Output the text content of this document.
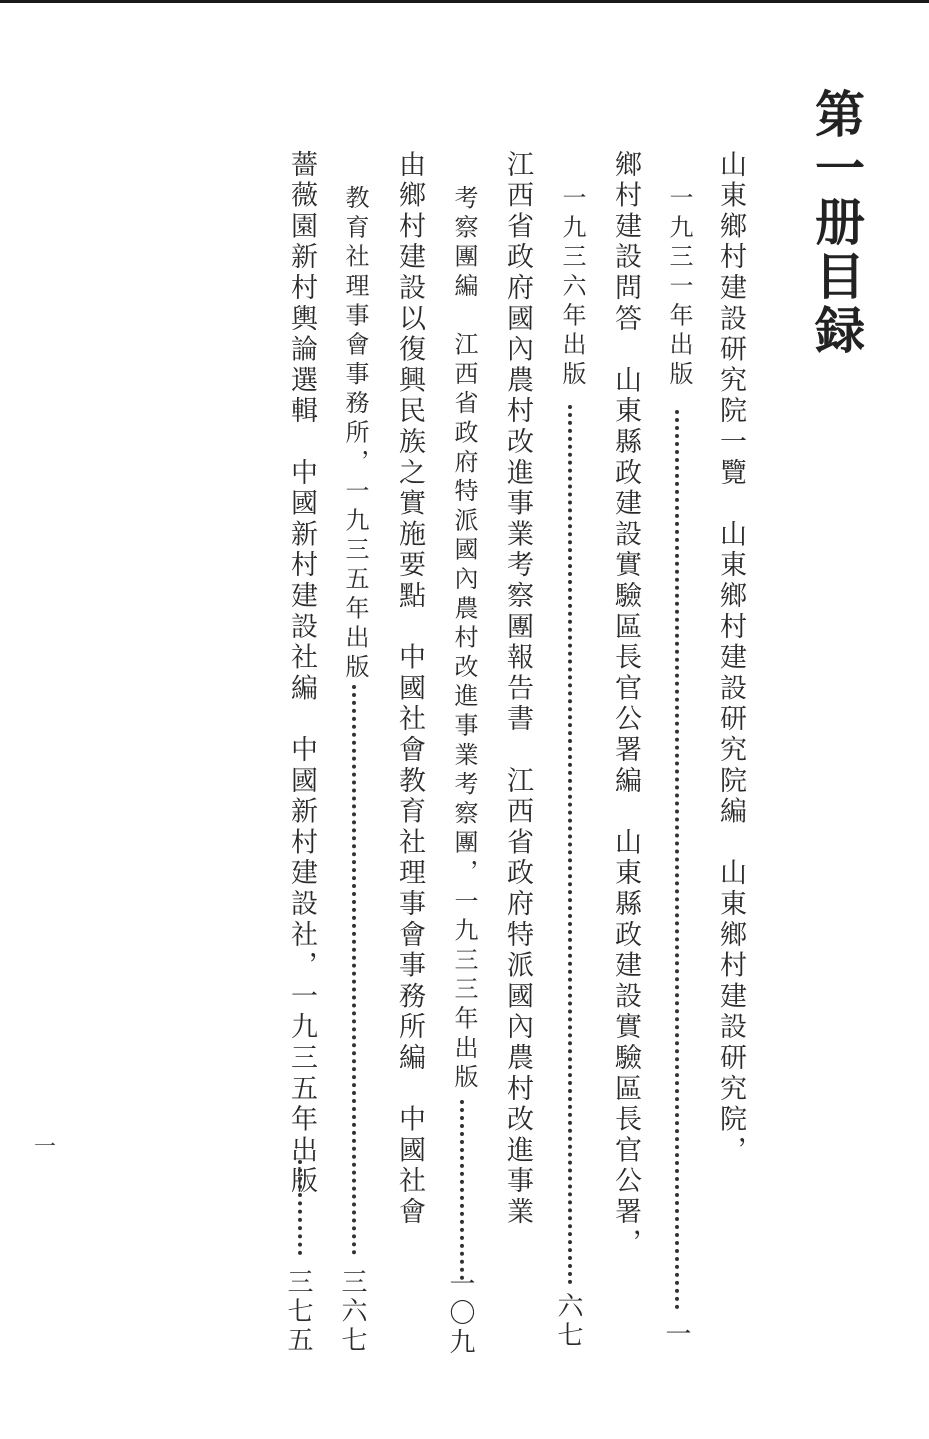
第一册目録
山東鄉村建設研究院一覽　山東鄉村建設研究院編　山東鄉村建設研究院，
一九三一年出版
一
鄉村建設問答　山東縣政建設實驗區長官公署編　山東縣政建設實驗區長官公署，
一九三六年出版
六七
江西省政府國內農村改進事業考察團報告書　江西省政府特派國內農村改進事業
考察團編　江西省政府特派國內農村改進事業考察團，一九三三年出版
一〇九
由鄉村建設以復興民族之實施要點　中國社會教育社理事會事務所編　中國社會
教育社理事會事務所，一九三五年出版
三六七
薔薇園新村輿論選輯　中國新村建設社編　中國新村建設社，一九三五年出版
三七五
一
